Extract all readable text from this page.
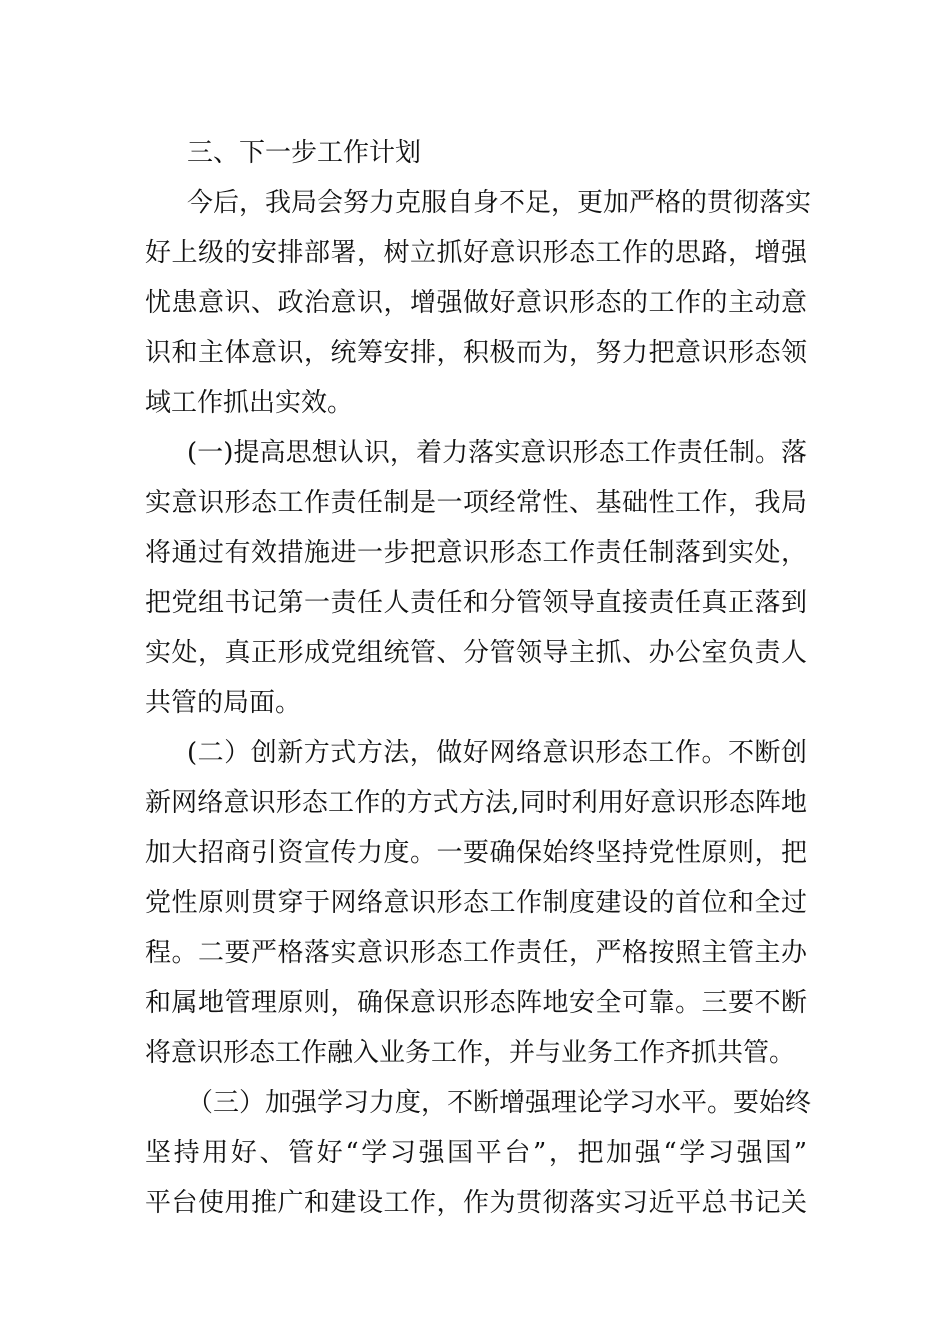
三、下一步工作计划

今后，我局会努力克服自身不足，更加严格的贯彻落实
好上级的安排部署，树立抓好意识形态工作的思路，增强
忧患意识、政治意识，增强做好意识形态的工作的主动意
识和主体意识，统筹安排，积极而为，努力把意识形态领
域工作抓出实效。

(一)提高思想认识，着力落实意识形态工作责任制。落
实意识形态工作责任制是一项经常性、基础性工作，我局
将通过有效措施进一步把意识形态工作责任制落到实处，
把党组书记第一责任人责任和分管领导直接责任真正落到
实处，真正形成党组统管、分管领导主抓、办公室负责人
共管的局面。

(二）创新方式方法，做好网络意识形态工作。不断创
新网络意识形态工作的方式方法,同时利用好意识形态阵地
加大招商引资宣传力度。一要确保始终坚持党性原则，把
党性原则贯穿于网络意识形态工作制度建设的首位和全过
程。二要严格落实意识形态工作责任，严格按照主管主办
和属地管理原则，确保意识形态阵地安全可靠。三要不断
将意识形态工作融入业务工作，并与业务工作齐抓共管。

（三）加强学习力度，不断增强理论学习水平。要始终
坚持用好、管好“学习强国平台”，把加强“学习强国”
平台使用推广和建设工作，作为贯彻落实习近平总书记关
